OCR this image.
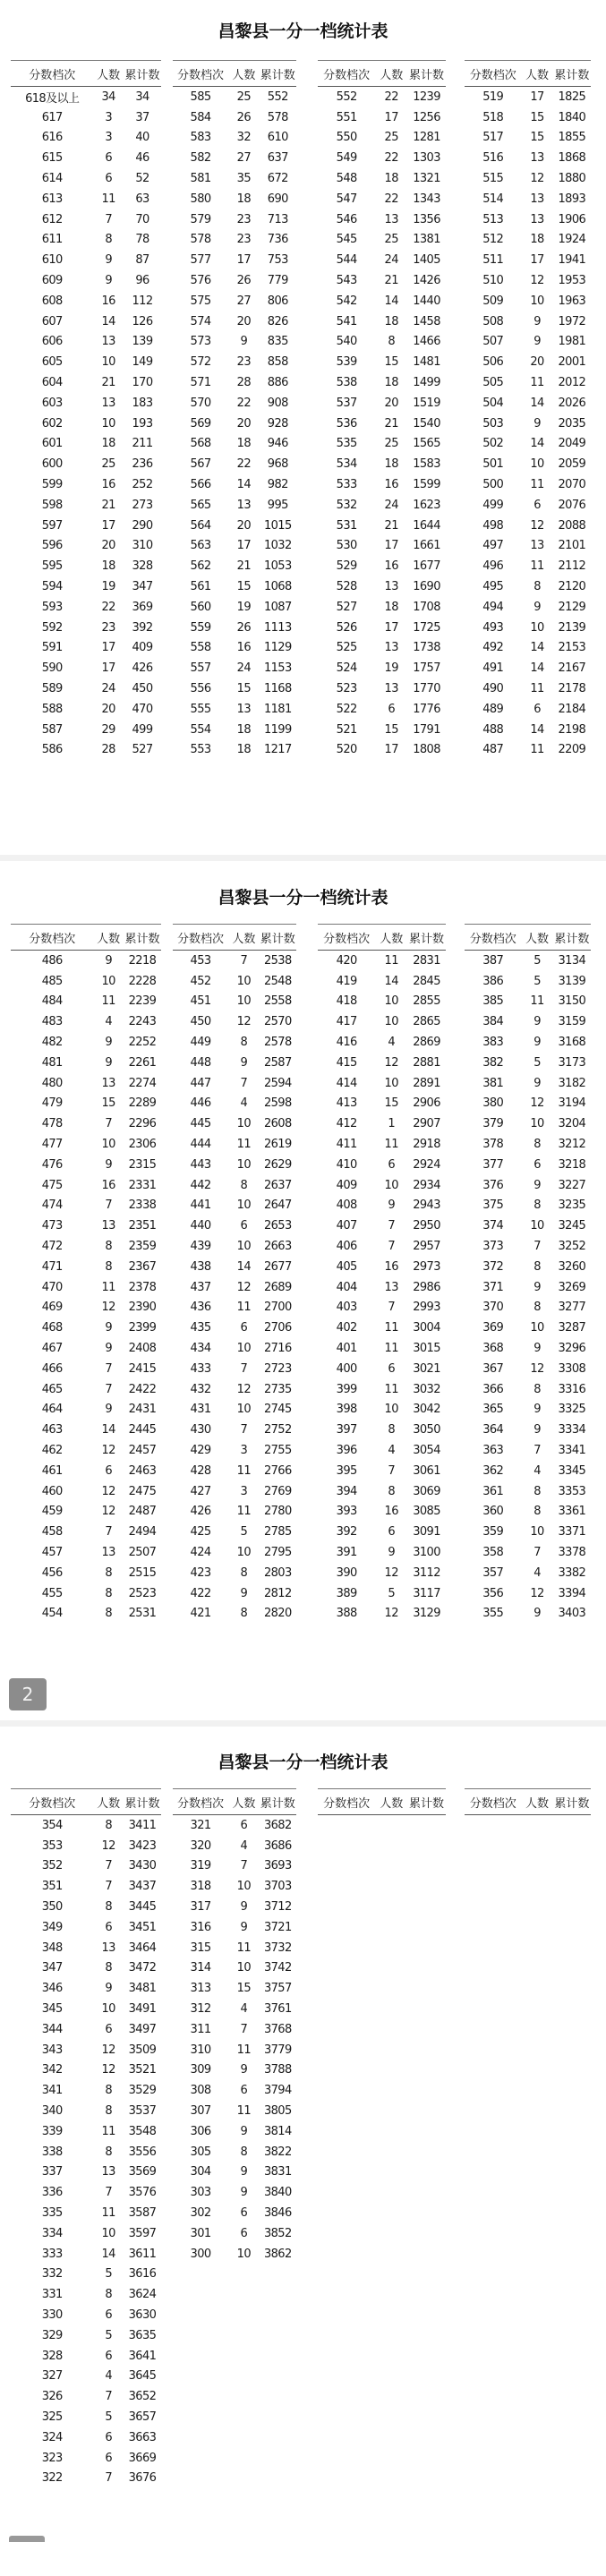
昌黎县一分一档统计表
分数档次	人数	累计数
618及以上	34	34
617	3	37
616	3	40
615	6	46
614	6	52
613	11	63
612	7	70
611	8	78
610	9	87
609	9	96
608	16	112
607	14	126
606	13	139
605	10	149
604	21	170
603	13	183
602	10	193
601	18	211
600	25	236
599	16	252
598	21	273
597	17	290
596	20	310
595	18	328
594	19	347
593	22	369
592	23	392
591	17	409
590	17	426
589	24	450
588	20	470
587	29	499
586	28	527
分数档次	人数	累计数
585	25	552
584	26	578
583	32	610
582	27	637
581	35	672
580	18	690
579	23	713
578	23	736
577	17	753
576	26	779
575	27	806
574	20	826
573	9	835
572	23	858
571	28	886
570	22	908
569	20	928
568	18	946
567	22	968
566	14	982
565	13	995
564	20	1015
563	17	1032
562	21	1053
561	15	1068
560	19	1087
559	26	1113
558	16	1129
557	24	1153
556	15	1168
555	13	1181
554	18	1199
553	18	1217
分数档次	人数	累计数
552	22	1239
551	17	1256
550	25	1281
549	22	1303
548	18	1321
547	22	1343
546	13	1356
545	25	1381
544	24	1405
543	21	1426
542	14	1440
541	18	1458
540	8	1466
539	15	1481
538	18	1499
537	20	1519
536	21	1540
535	25	1565
534	18	1583
533	16	1599
532	24	1623
531	21	1644
530	17	1661
529	16	1677
528	13	1690
527	18	1708
526	17	1725
525	13	1738
524	19	1757
523	13	1770
522	6	1776
521	15	1791
520	17	1808
分数档次	人数	累计数
519	17	1825
518	15	1840
517	15	1855
516	13	1868
515	12	1880
514	13	1893
513	13	1906
512	18	1924
511	17	1941
510	12	1953
509	10	1963
508	9	1972
507	9	1981
506	20	2001
505	11	2012
504	14	2026
503	9	2035
502	14	2049
501	10	2059
500	11	2070
499	6	2076
498	12	2088
497	13	2101
496	11	2112
495	8	2120
494	9	2129
493	10	2139
492	14	2153
491	14	2167
490	11	2178
489	6	2184
488	14	2198
487	11	2209
昌黎县一分一档统计表
分数档次	人数	累计数
486	9	2218
485	10	2228
484	11	2239
483	4	2243
482	9	2252
481	9	2261
480	13	2274
479	15	2289
478	7	2296
477	10	2306
476	9	2315
475	16	2331
474	7	2338
473	13	2351
472	8	2359
471	8	2367
470	11	2378
469	12	2390
468	9	2399
467	9	2408
466	7	2415
465	7	2422
464	9	2431
463	14	2445
462	12	2457
461	6	2463
460	12	2475
459	12	2487
458	7	2494
457	13	2507
456	8	2515
455	8	2523
454	8	2531
分数档次	人数	累计数
453	7	2538
452	10	2548
451	10	2558
450	12	2570
449	8	2578
448	9	2587
447	7	2594
446	4	2598
445	10	2608
444	11	2619
443	10	2629
442	8	2637
441	10	2647
440	6	2653
439	10	2663
438	14	2677
437	12	2689
436	11	2700
435	6	2706
434	10	2716
433	7	2723
432	12	2735
431	10	2745
430	7	2752
429	3	2755
428	11	2766
427	3	2769
426	11	2780
425	5	2785
424	10	2795
423	8	2803
422	9	2812
421	8	2820
分数档次	人数	累计数
420	11	2831
419	14	2845
418	10	2855
417	10	2865
416	4	2869
415	12	2881
414	10	2891
413	15	2906
412	1	2907
411	11	2918
410	6	2924
409	10	2934
408	9	2943
407	7	2950
406	7	2957
405	16	2973
404	13	2986
403	7	2993
402	11	3004
401	11	3015
400	6	3021
399	11	3032
398	10	3042
397	8	3050
396	4	3054
395	7	3061
394	8	3069
393	16	3085
392	6	3091
391	9	3100
390	12	3112
389	5	3117
388	12	3129
分数档次	人数	累计数
387	5	3134
386	5	3139
385	11	3150
384	9	3159
383	9	3168
382	5	3173
381	9	3182
380	12	3194
379	10	3204
378	8	3212
377	6	3218
376	9	3227
375	8	3235
374	10	3245
373	7	3252
372	8	3260
371	9	3269
370	8	3277
369	10	3287
368	9	3296
367	12	3308
366	8	3316
365	9	3325
364	9	3334
363	7	3341
362	4	3345
361	8	3353
360	8	3361
359	10	3371
358	7	3378
357	4	3382
356	12	3394
355	9	3403
昌黎县一分一档统计表
分数档次	人数	累计数
354	8	3411
353	12	3423
352	7	3430
351	7	3437
350	8	3445
349	6	3451
348	13	3464
347	8	3472
346	9	3481
345	10	3491
344	6	3497
343	12	3509
342	12	3521
341	8	3529
340	8	3537
339	11	3548
338	8	3556
337	13	3569
336	7	3576
335	11	3587
334	10	3597
333	14	3611
332	5	3616
331	8	3624
330	6	3630
329	5	3635
328	6	3641
327	4	3645
326	7	3652
325	5	3657
324	6	3663
323	6	3669
322	7	3676
分数档次	人数	累计数
321	6	3682
320	4	3686
319	7	3693
318	10	3703
317	9	3712
316	9	3721
315	11	3732
314	10	3742
313	15	3757
312	4	3761
311	7	3768
310	11	3779
309	9	3788
308	6	3794
307	11	3805
306	9	3814
305	8	3822
304	9	3831
303	9	3840
302	6	3846
301	6	3852
300	10	3862
分数档次	人数	累计数 分数档次	人数	累计数
2
